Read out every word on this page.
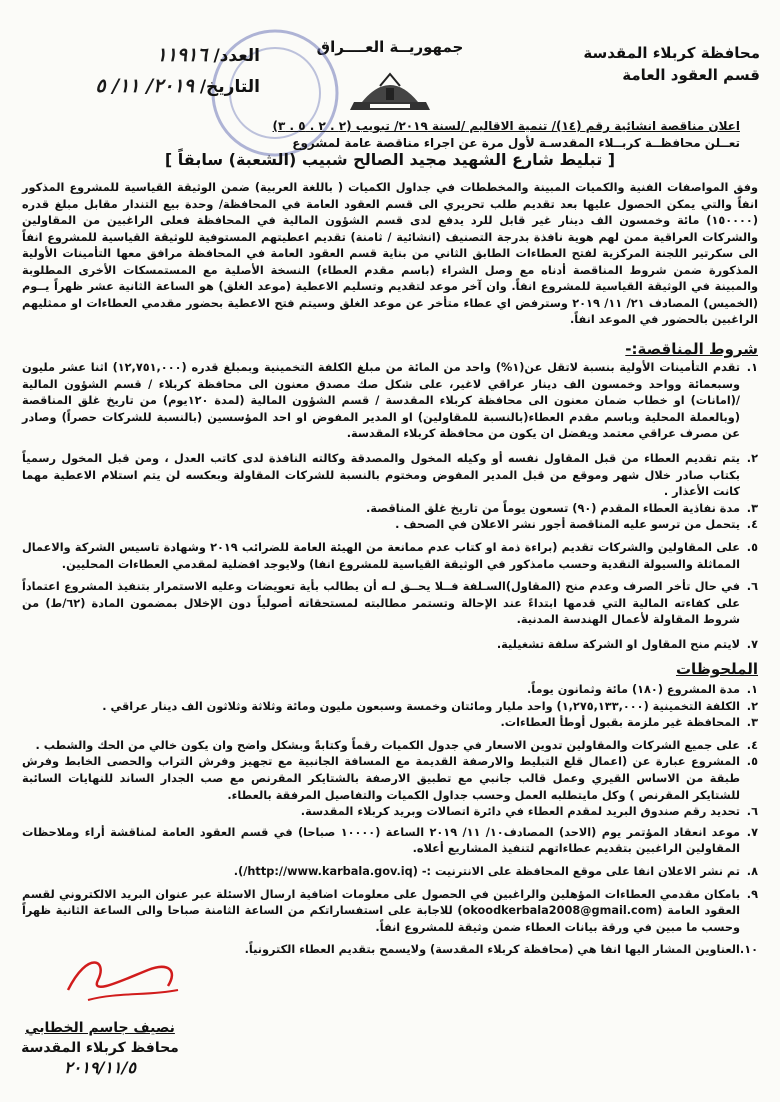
محافظة كربلاء المقدسة
قسم العقود العامة
جمهوريــة العــــراق
العدد/ ١١٩١٦
التاريخ/ ٢٠١٩/ ١١/ ٥
اعلان مناقصة انشائية رقم (١٤)/ تنمية الاقاليم /لسنة ٢٠١٩/ تبويب (٢ . ٢ . ٥ . ٣)
تعــلن محافظــة كربــلاء المقدسـة لأول مرة عن اجراء مناقصة عامة لمشروع
[ تبليط شارع الشهيد مجيد الصالح شبيب (الشعبة) سابقاً ]
وفق المواصفات الفنية والكميات المبينة والمخططات في جداول الكميات ( باللغة العربية) ضمن الوثيقة القياسية للمشروع المذكور انفاً والتي يمكن الحصول عليها بعد تقديم طلب تحريري الى قسم العقود العامة في المحافظة/ وحدة بيع التندار مقابل مبلغ قدره (١٥٠٠٠٠) مائة وخمسون الف دينار غير قابل للرد يدفع لدى قسم الشؤون المالية في المحافظة فعلى الراغبين من المقاولين والشركات العراقية ممن لهم هوية نافذة بدرجة التصنيف (انشائية / ثامنة) تقديم اعطيتهم المستوفية للوثيقة القياسية للمشروع انفاً الى سكرتير اللجنة المركزية لفتح العطاءات الطابق الثاني من بناية قسم العقود العامة في المحافظة مرافق معها التأمينات الأولية المذكورة ضمن شروط المناقصة أدناه مع وصل الشراء (باسم مقدم العطاء) النسخة الأصلية مع المستمسكات الأخرى المطلوبة والمبينة في الوثيقة القياسية للمشروع انفاً. وان آخر موعد لتقديم وتسليم الاعطية (موعد الغلق) هو الساعة الثانية عشر ظهراً يــوم (الخميس) المصادف ٢١/ ١١/ ٢٠١٩ وسترفض اي عطاء متأخر عن موعد الغلق وسيتم فتح الاعطية بحضور مقدمي العطاءات او ممثليهم الراغبين بالحضور في الموعد انفاً.
شروط المناقصة:-
١.
تقدم التأمينات الأولية بنسبة لاتقل عن(١%) واحد من المائة من مبلغ الكلفة التخمينية وبمبلغ قدره (١٢,٧٥١,٠٠٠) اثنا عشر مليون وسبعمائة وواحد وخمسون الف دينار عراقي لاغير، على شكل صك مصدق معنون الى محافظة كربلاء / قسم الشؤون المالية /(امانات) او خطاب ضمان معنون الى محافظة كربلاء المقدسة / قسم الشؤون المالية (لمدة ١٢٠يوم) من تاريخ غلق المناقصة (وبالعملة المحلية وباسم مقدم العطاء(بالنسبة للمقاولين) او المدير المفوض او احد المؤسسين (بالنسبة للشركات حصراً) وصادر عن مصرف عراقي معتمد ويفضل ان يكون من محافظة كربلاء المقدسة.
٢.
يتم تقديم العطاء من قبل المقاول نفسه أو وكيله المخول والمصدقة وكالته النافذة لدى كاتب العدل ، ومن قبل المخول رسمياً بكتاب صادر خلال شهر وموقع من قبل المدير المفوض ومختوم بالنسبة للشركات المقاولة وبعكسه لن يتم استلام الاعطية مهما كانت الأعذار .
٣.
مدة نفاذية العطاء المقدم (٩٠) تسعون يوماً من تاريخ غلق المناقصة.
٤.
يتحمل من ترسو عليه المناقصة أجور نشر الاعلان في الصحف .
٥.
على المقاولين والشركات تقديم (براءة ذمة او كتاب عدم ممانعة من الهيئة العامة للضرائب ٢٠١٩ وشهادة تاسيس الشركة والاعمال المماثلة والسيولة النقدية وحسب مامذكور في الوثيقة القياسية للمشروع انفا) ولايوجد افضلية لمقدمي العطاءات المحليين.
٦.
في حال تأخر الصرف وعدم منح (المقاول)السـلفة فــلا يحــق لـه أن يطالب بأية تعويضات وعليه الاستمرار بتنفيذ المشروع اعتماداً على كفاءته المالية التي قدمها ابتداءً عند الإحالة وتستمر مطالبته لمستحقاته أصولياً دون الإخلال بمضمون المادة (٦٢/ط) من شروط المقاولة لأعمال الهندسة المدنية.
٧.
لايتم منح المقاول او الشركة سلفة تشغيلية.
الملحوظات
١.
مدة المشروع (١٨٠) مائة وثمانون يوماً.
٢.
الكلفة التخمينية (١,٢٧٥,١٣٣,٠٠٠) واحد مليار ومائتان وخمسة وسبعون مليون ومائة وثلاثة وثلاثون الف دينار عراقي .
٣.
المحافظة غير ملزمة بقبول أوطأ العطاءات.
٤.
على جميع الشركات والمقاولين تدوين الاسعار في جدول الكميات رقماً وكتابةً وبشكل واضح وان يكون خالي من الحك والشطب .
٥.
المشروع عبارة عن (اعمال قلع التبليط والارصفة القديمة مع المسافة الجانبية مع تجهيز وفرش التراب والحصى الخابط وفرش طبقة من الاساس القيري وعمل قالب جانبي مع تطبيق الارصفة بالشتايكر المقرنص مع صب الجدار الساند للنهايات السائبة للشتايكر المقرنص ) وكل مايتطلبه العمل وحسب جداول الكميات والتفاصيل المرفقة بالعطاء.
٦.
تحديد رقم صندوق البريد لمقدم العطاء في دائرة اتصالات وبريد كربلاء المقدسة.
٧.
موعد انعقاد المؤتمر يوم (الاحد) المصادف١٠/ ١١/ ٢٠١٩ الساعة (١٠٠٠٠ صباحا) في قسم العقود العامة لمناقشة أراء وملاحظات المقاولين الراغبين بتقديم عطاءاتهم لتنفيذ المشاريع أعلاه.
٨.
تم نشر الاعلان انفا على موقع المحافظة على الانترنيت :- (http://www.karbala.gov.iq/).
٩.
بامكان مقدمي العطاءات المؤهلين والراغبين في الحصول على معلومات اضافية ارسال الاسئلة عبر عنوان البريد الالكتروني لقسم العقود العامة (okoodkerbala2008@gmail.com) للاجابة على استفساراتكم من الساعة الثامنة صباحا والى الساعة الثانية ظهراً وحسب ما مبين في ورقة بيانات العطاء ضمن وثيقة للمشروع انفاً.
١٠.
العناوين المشار اليها انفا هي (محافظة كربلاء المقدسة) ولايسمح بتقديم العطاء الكترونياً.
نصيف جاسم الخطابي
محافظ كربلاء المقدسة
٢٠١٩/١١/٥
